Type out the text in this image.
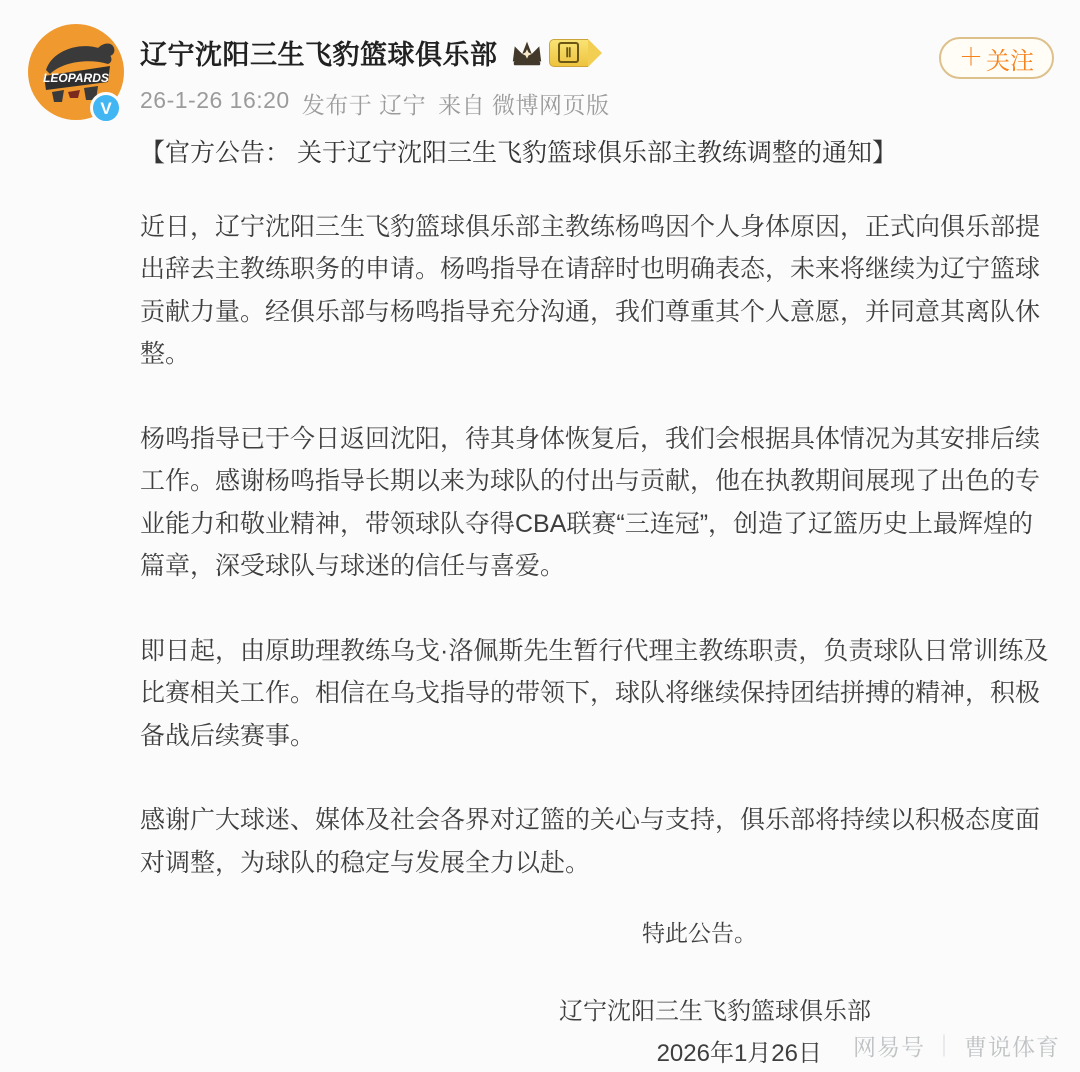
LEOPARDS
V
辽宁沈阳三生飞豹篮球俱乐部	Ⅱ
26-1-26 16:20 发布于 辽宁 来自 微博网页版
＋ 关注

【官方公告： 关于辽宁沈阳三生飞豹篮球俱乐部主教练调整的通知】

近日，辽宁沈阳三生飞豹篮球俱乐部主教练杨鸣因个人身体原因，正式向俱乐部提出辞去主教练职务的申请。杨鸣指导在请辞时也明确表态，未来将继续为辽宁篮球贡献力量。经俱乐部与杨鸣指导充分沟通，我们尊重其个人意愿，并同意其离队休整。

杨鸣指导已于今日返回沈阳，待其身体恢复后，我们会根据具体情况为其安排后续工作。感谢杨鸣指导长期以来为球队的付出与贡献，他在执教期间展现了出色的专业能力和敬业精神，带领球队夺得CBA联赛“三连冠”，创造了辽篮历史上最辉煌的篇章，深受球队与球迷的信任与喜爱。

即日起，由原助理教练乌戈·洛佩斯先生暂行代理主教练职责，负责球队日常训练及比赛相关工作。相信在乌戈指导的带领下，球队将继续保持团结拼搏的精神，积极备战后续赛事。

感谢广大球迷、媒体及社会各界对辽篮的关心与支持，俱乐部将持续以积极态度面对调整，为球队的稳定与发展全力以赴。

特此公告。
辽宁沈阳三生飞豹篮球俱乐部
2026年1月26日	网易号 ｜ 曹说体育
